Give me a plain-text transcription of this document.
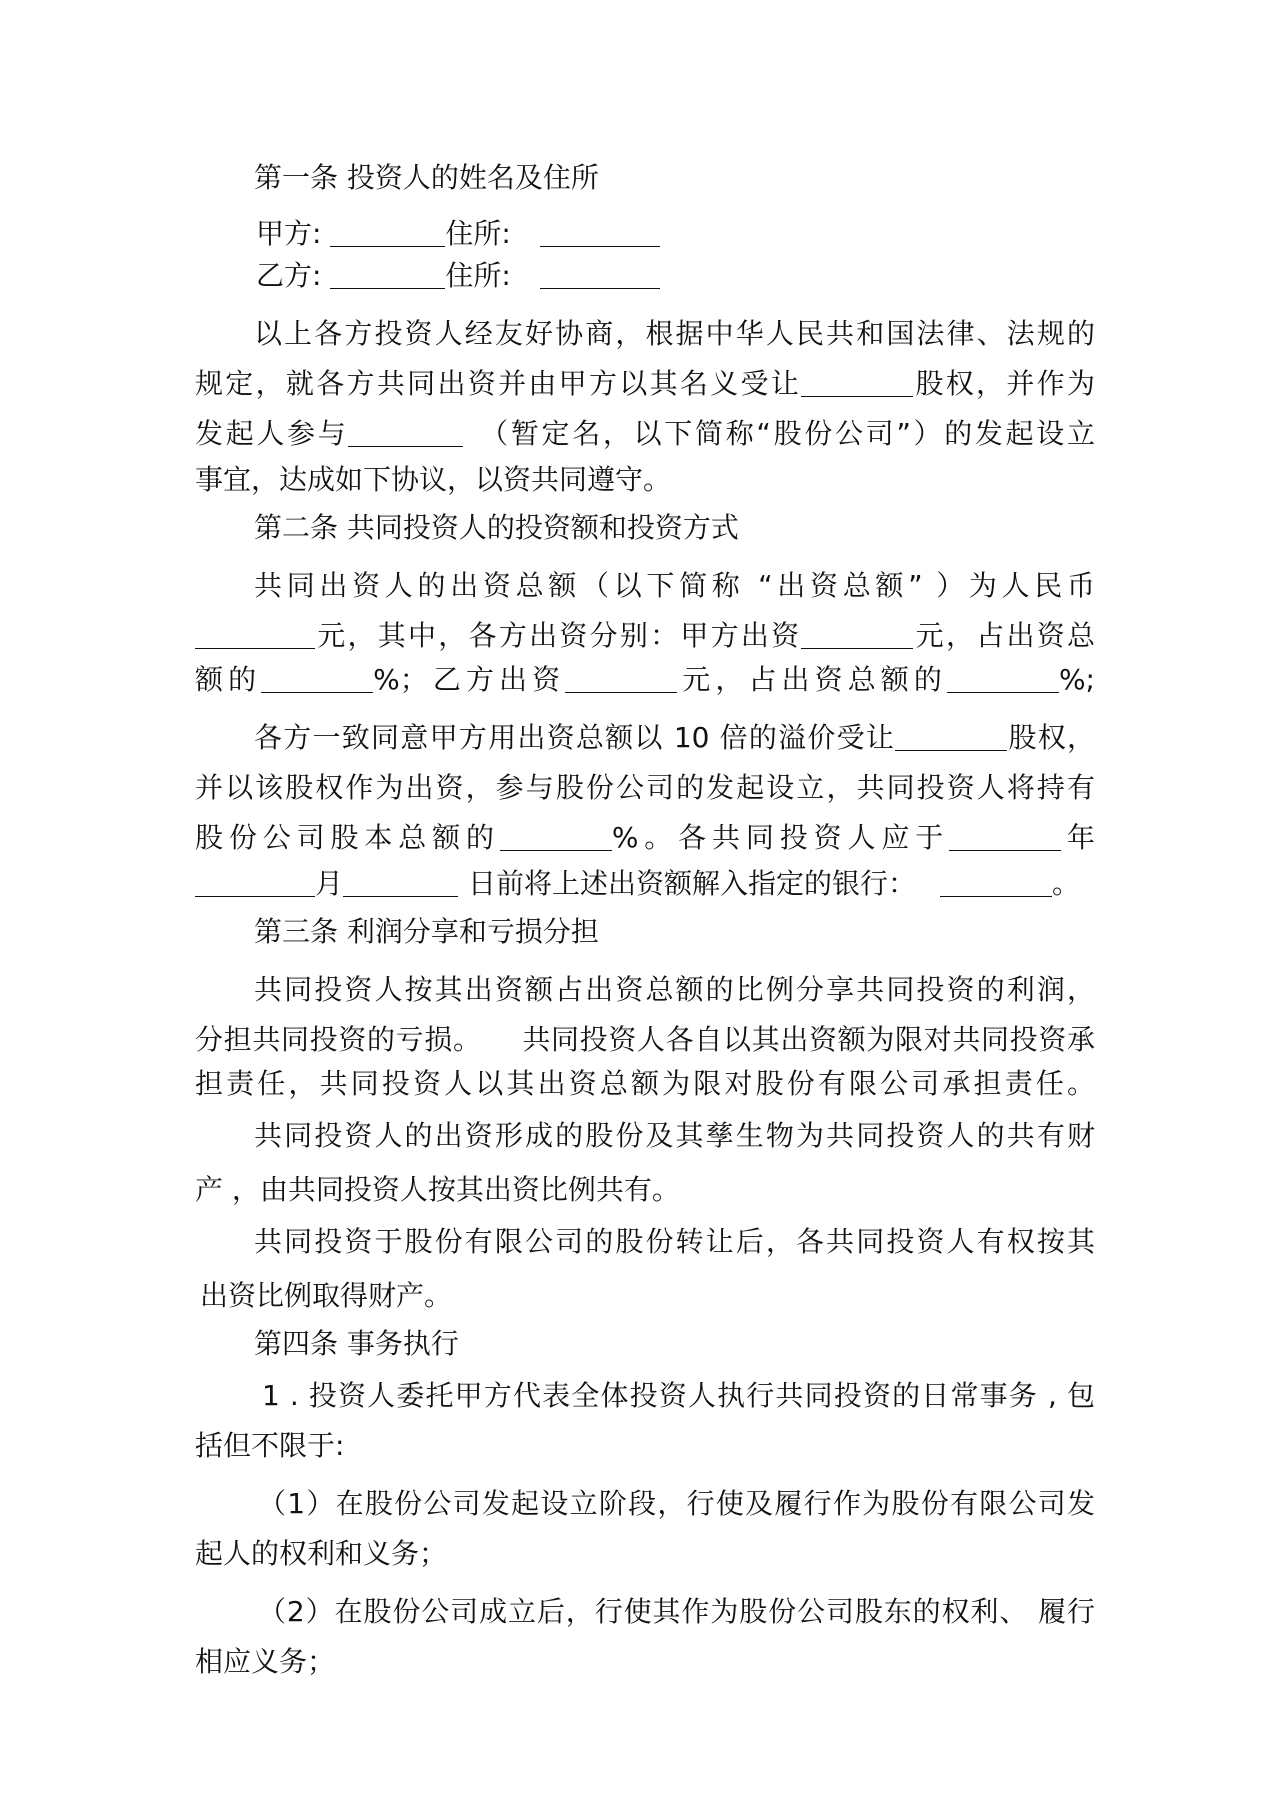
第一条 投资人的姓名及住所
甲方:	住所:
乙方:	住所:
以上各方投资人经友好协商，根据中华人民共和国法律、法规的
规定，就各方共同出资并由甲方以其名义受让	股权，并作为
发起人参与	（暂定名，以下简称“股份公司”）的发起设立
事宜，达成如下协议，以资共同遵守。
第二条 共同投资人的投资额和投资方式
共同出资人的出资总额（以下简称 “出资总额” ）为人民币
元，其中，各方出资分别：甲方出资	元，占出资总
额的	%；乙方出资	元，占出资总额的	%;
各方一致同意甲方用出资总额以 10 倍的溢价受让	股权，
并以该股权作为出资，参与股份公司的发起设立，共同投资人将持有
股份公司股本总额的	%。各共同投资人应于	年
月	日前将上述出资额解入指定的银行：	。
第三条 利润分享和亏损分担
共同投资人按其出资额占出资总额的比例分享共同投资的利润，
分担共同投资的亏损。 共同投资人各自以其出资额为限对共同投资承
担责任，共同投资人以其出资总额为限对股份有限公司承担责任。
共同投资人的出资形成的股份及其孳生物为共同投资人的共有财
产 ，由共同投资人按其出资比例共有。
共同投资于股份有限公司的股份转让后，各共同投资人有权按其
出资比例取得财产。
第四条 事务执行
1 . 投资人委托甲方代表全体投资人执行共同投资的日常事务 , 包
括但不限于:
（1）在股份公司发起设立阶段，行使及履行作为股份有限公司发
起人的权利和义务；
（2）在股份公司成立后，行使其作为股份公司股东的权利、 履行
相应义务；
